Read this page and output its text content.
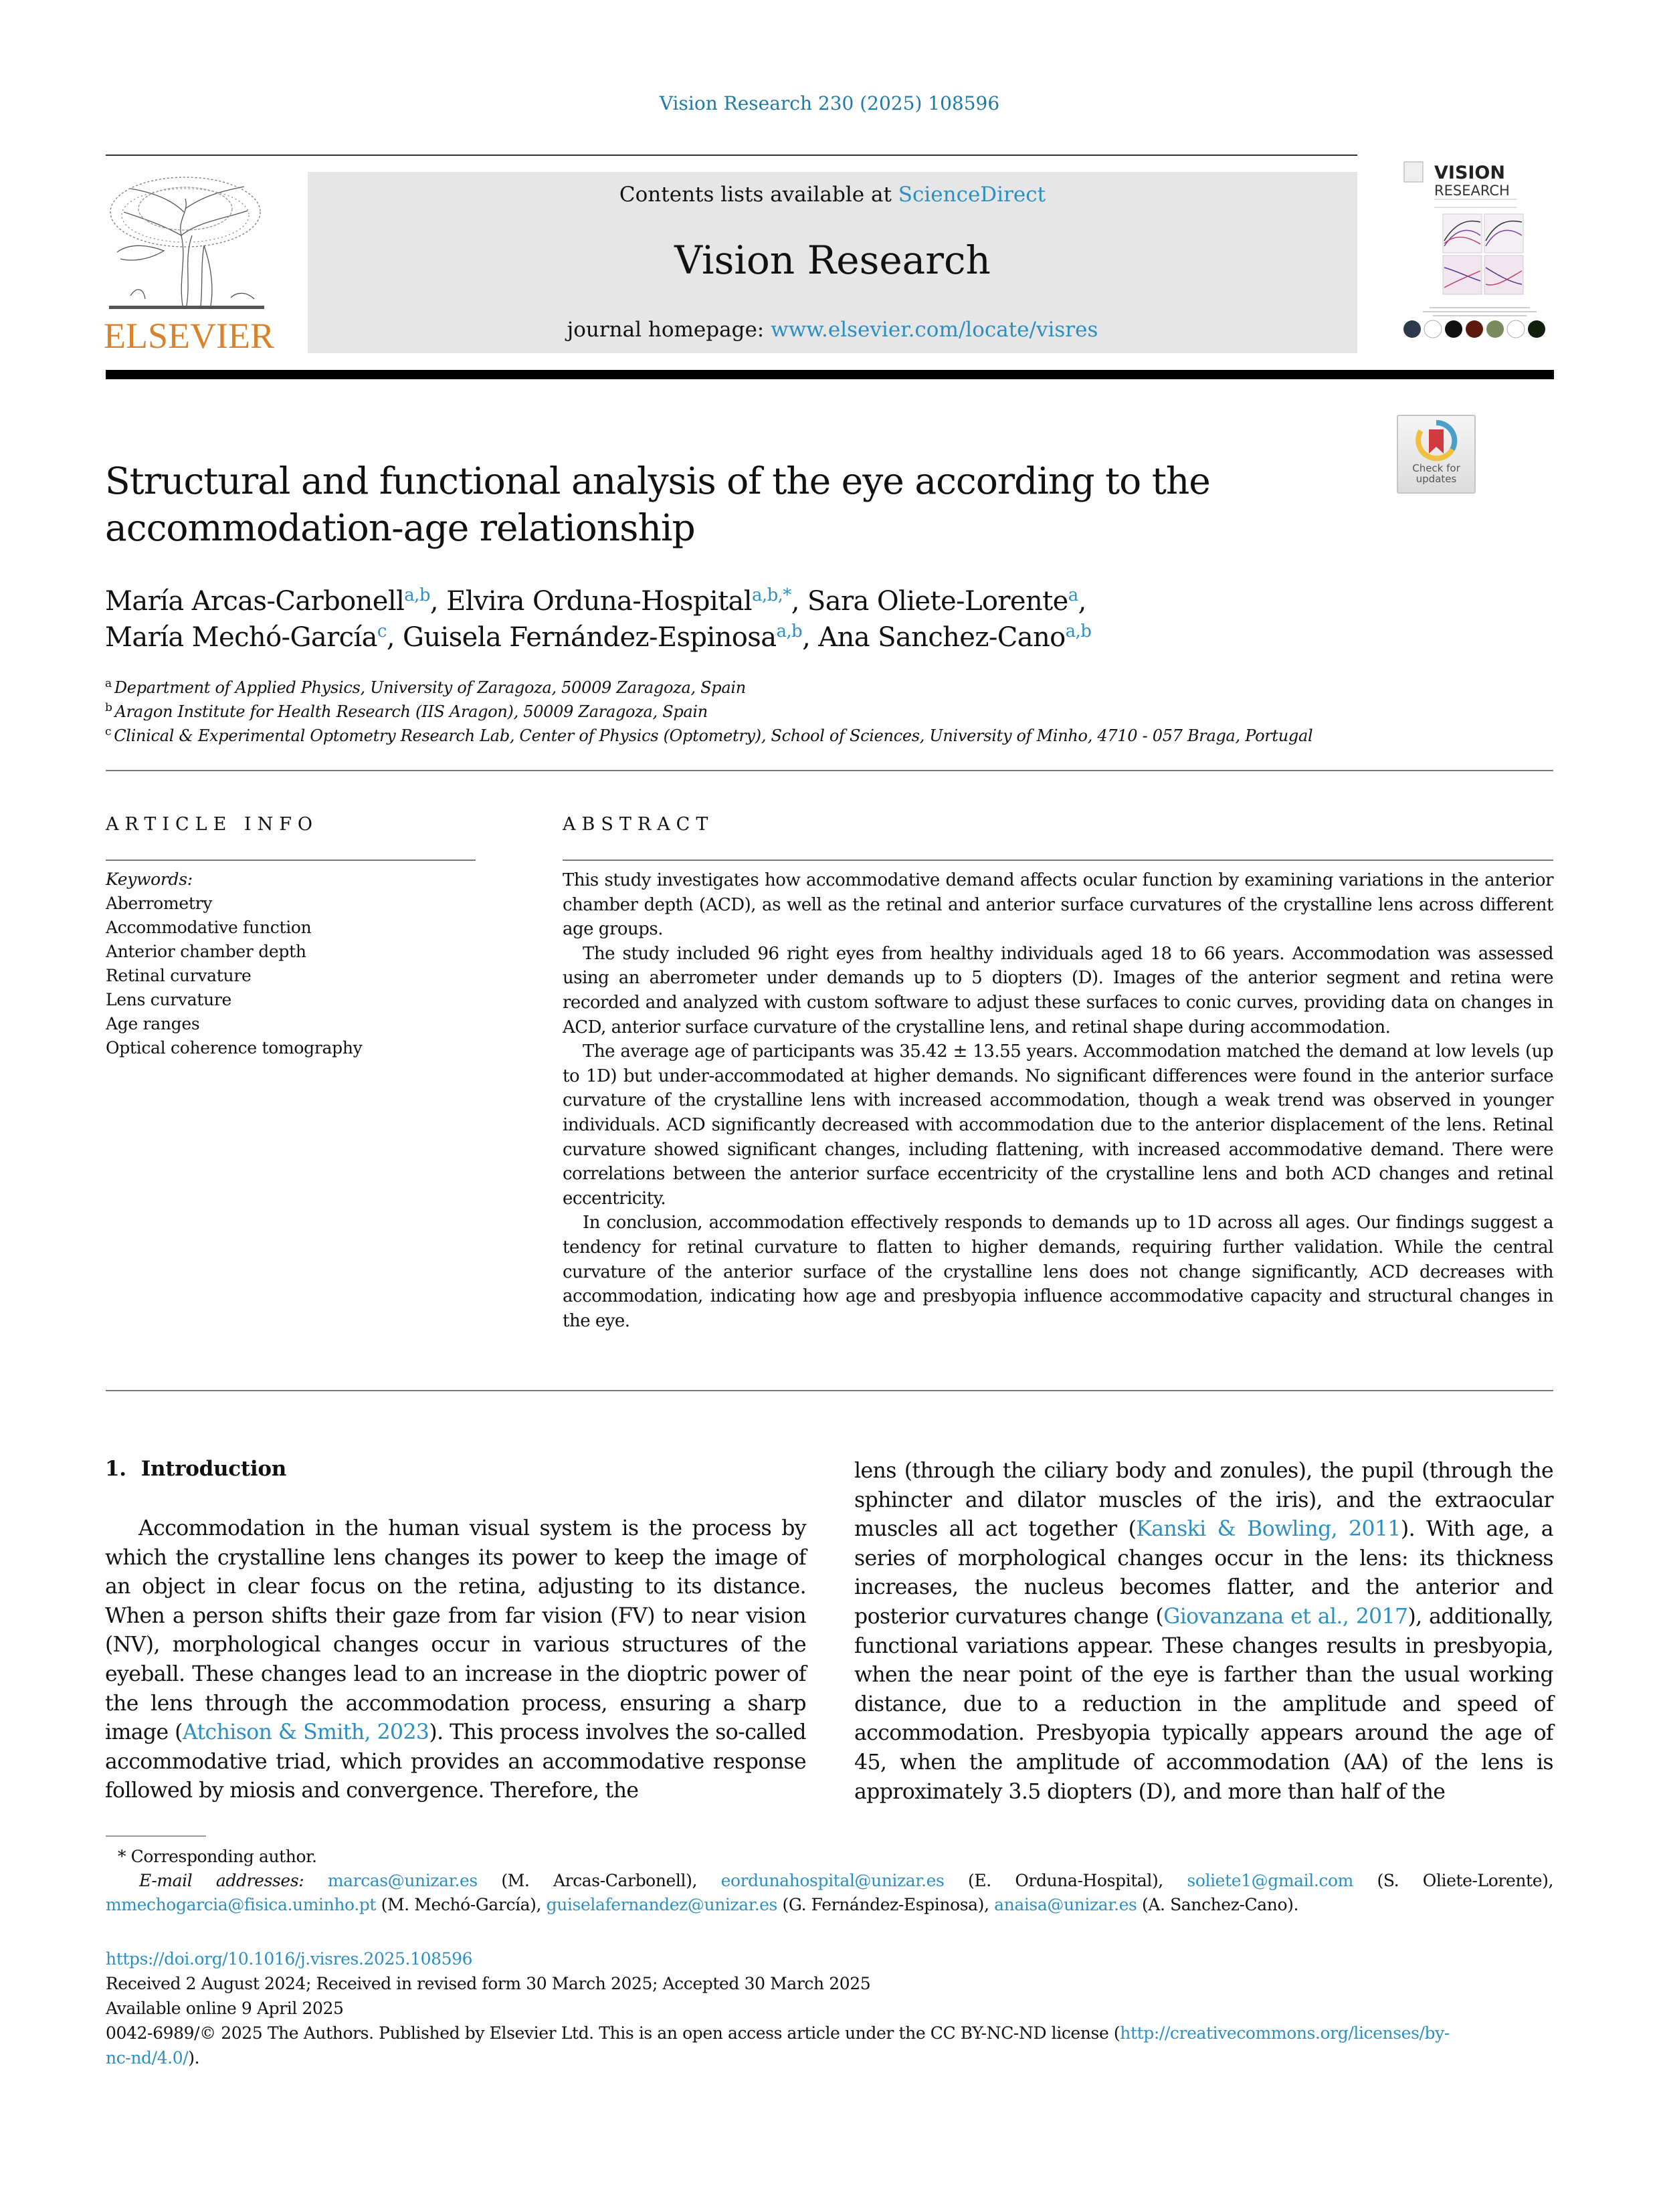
Vision Research 230 (2025) 108596
ELSEVIER
Contents lists available at ScienceDirect
Vision Research
journal homepage: www.elsevier.com/locate/visres
VISION
RESEARCH
Check for updates
Structural and functional analysis of the eye according to the accommodation-age relationship
María Arcas-Carbonell$^{a,b}$, Elvira Orduna-Hospital$^{a,b,*}$, Sara Oliete-Lorente$^a$,
María Mechó-García$^c$, Guisela Fernández-Espinosa$^{a,b}$, Ana Sanchez-Cano$^{a,b}$
$^a$ Department of Applied Physics, University of Zaragoza, 50009 Zaragoza, Spain
$^b$ Aragon Institute for Health Research (IIS Aragon), 50009 Zaragoza, Spain
$^c$ Clinical & Experimental Optometry Research Lab, Center of Physics (Optometry), School of Sciences, University of Minho, 4710 - 057 Braga, Portugal
ARTICLE INFO	ABSTRACT
Keywords:
Aberrometry
Accommodative function
Anterior chamber depth
Retinal curvature
Lens curvature
Age ranges
Optical coherence tomography

This study investigates how accommodative demand affects ocular function by examining variations in the anterior chamber depth (ACD), as well as the retinal and anterior surface curvatures of the crystalline lens across different age groups.

The study included 96 right eyes from healthy individuals aged 18 to 66 years. Accommodation was assessed using an aberrometer under demands up to 5 diopters (D). Images of the anterior segment and retina were recorded and analyzed with custom software to adjust these surfaces to conic curves, providing data on changes in ACD, anterior surface curvature of the crystalline lens, and retinal shape during accommodation.

The average age of participants was 35.42 ± 13.55 years. Accommodation matched the demand at low levels (up to 1D) but under-accommodated at higher demands. No significant differences were found in the anterior surface curvature of the crystalline lens with increased accommodation, though a weak trend was observed in younger individuals. ACD significantly decreased with accommodation due to the anterior displacement of the lens. Retinal curvature showed significant changes, including flattening, with increased accommodative demand. There were correlations between the anterior surface eccentricity of the crystalline lens and both ACD changes and retinal eccentricity.

In conclusion, accommodation effectively responds to demands up to 1D across all ages. Our findings suggest a tendency for retinal curvature to flatten to higher demands, requiring further validation. While the central curvature of the anterior surface of the crystalline lens does not change significantly, ACD decreases with accommodation, indicating how age and presbyopia influence accommodative capacity and structural changes in the eye.

1. Introduction

Accommodation in the human visual system is the process by which the crystalline lens changes its power to keep the image of an object in clear focus on the retina, adjusting to its distance. When a person shifts their gaze from far vision (FV) to near vision (NV), morphological changes occur in various structures of the eyeball. These changes lead to an increase in the dioptric power of the lens through the accommodation process, ensuring a sharp image (Atchison & Smith, 2023). This process involves the so-called accommodative triad, which provides an accommodative response followed by miosis and convergence. Therefore, the

lens (through the ciliary body and zonules), the pupil (through the sphincter and dilator muscles of the iris), and the extraocular muscles all act together (Kanski & Bowling, 2011). With age, a series of morphological changes occur in the lens: its thickness increases, the nucleus becomes flatter, and the anterior and posterior curvatures change (Giovanzana et al., 2017), additionally, functional variations appear. These changes results in presbyopia, when the near point of the eye is farther than the usual working distance, due to a reduction in the amplitude and speed of accommodation. Presbyopia typically appears around the age of 45, when the amplitude of accommodation (AA) of the lens is approximately 3.5 diopters (D), and more than half of the

* Corresponding author.
E-mail addresses: marcas@unizar.es (M. Arcas-Carbonell), eordunahospital@unizar.es (E. Orduna-Hospital), soliete1@gmail.com (S. Oliete-Lorente), mmechogarcia@fisica.uminho.pt (M. Mechó-García), guiselafernandez@unizar.es (G. Fernández-Espinosa), anaisa@unizar.es (A. Sanchez-Cano).
https://doi.org/10.1016/j.visres.2025.108596
Received 2 August 2024; Received in revised form 30 March 2025; Accepted 30 March 2025
Available online 9 April 2025
0042-6989/© 2025 The Authors. Published by Elsevier Ltd. This is an open access article under the CC BY-NC-ND license (http://creativecommons.org/licenses/by-
nc-nd/4.0/).
